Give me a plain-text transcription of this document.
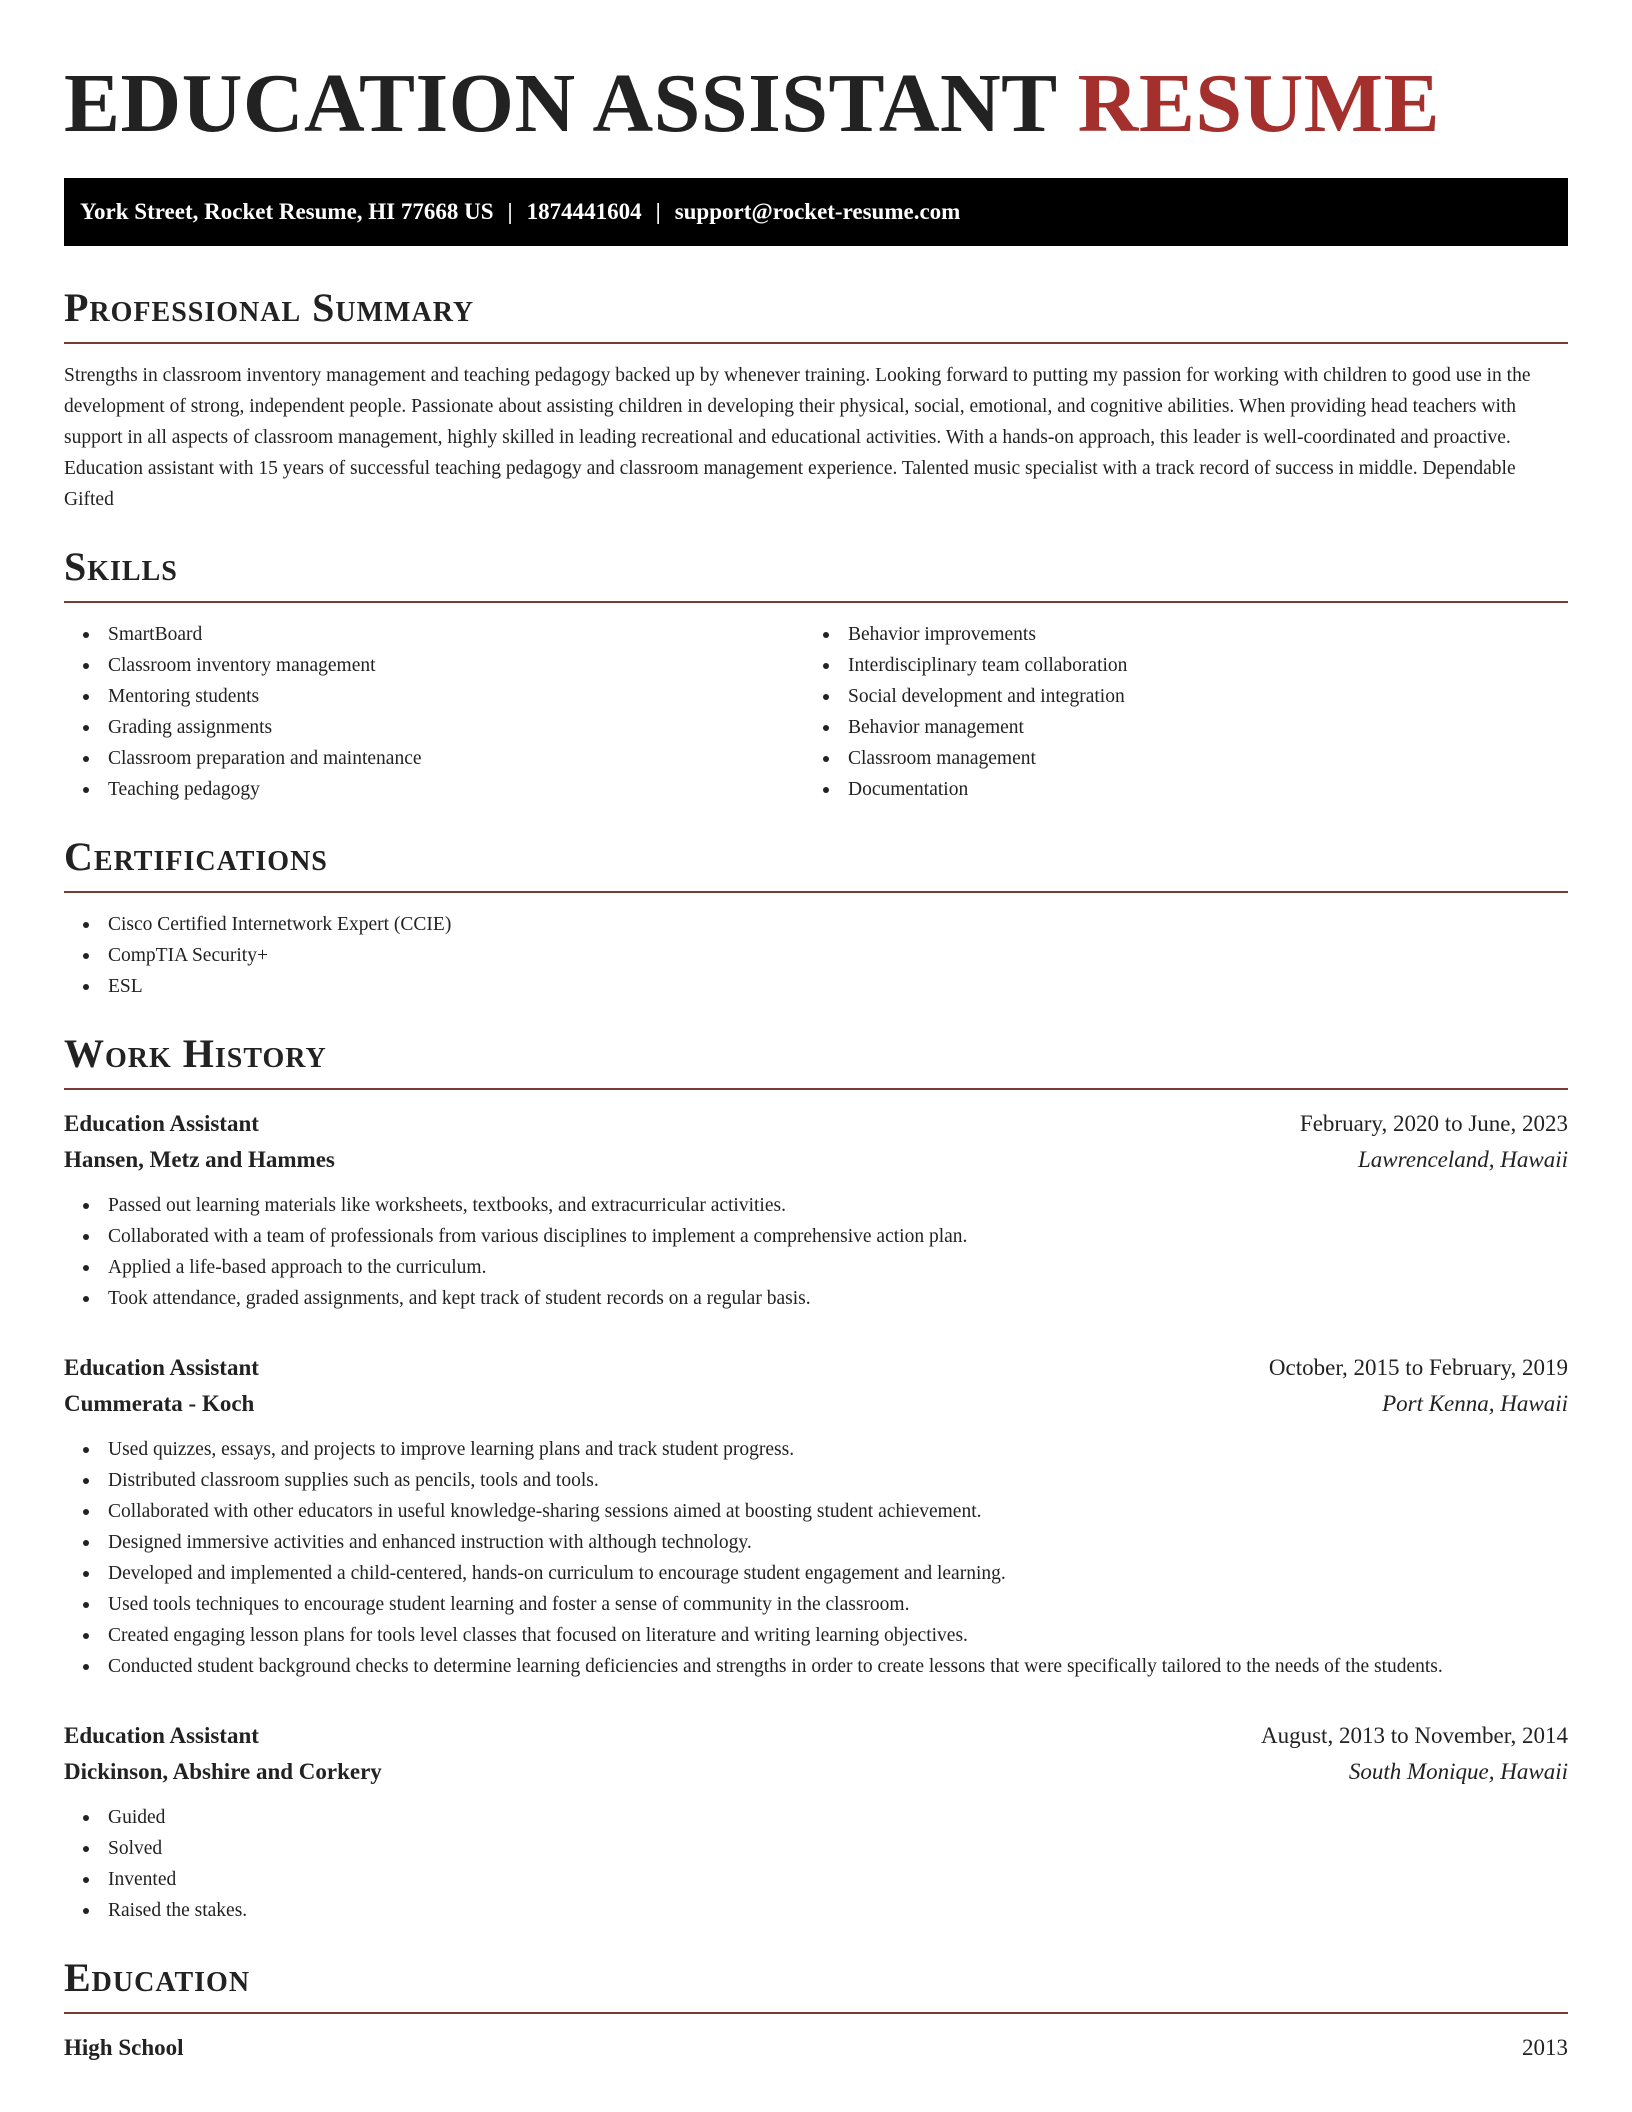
EDUCATION ASSISTANT RESUME
York Street, Rocket Resume, HI 77668 US | 1874441604 | support@rocket-resume.com
Professional Summary

Strengths in classroom inventory management and teaching pedagogy backed up by whenever training. Looking forward to putting my passion for working with children to good use in the development of strong, independent people. Passionate about assisting children in developing their physical, social, emotional, and cognitive abilities. When providing head teachers with support in all aspects of classroom management, highly skilled in leading recreational and educational activities. With a hands-on approach, this leader is well-coordinated and proactive. Education assistant with 15 years of successful teaching pedagogy and classroom management experience. Talented music specialist with a track record of success in middle. Dependable Gifted

Skills
SmartBoard
Classroom inventory management
Mentoring students
Grading assignments
Classroom preparation and maintenance
Teaching pedagogy
Behavior improvements
Interdisciplinary team collaboration
Social development and integration
Behavior management
Classroom management
Documentation
Certifications
Cisco Certified Internetwork Expert (CCIE)
CompTIA Security+
ESL
Work History
Education Assistant	February, 2020 to June, 2023
Hansen, Metz and Hammes	Lawrenceland, Hawaii
Passed out learning materials like worksheets, textbooks, and extracurricular activities.
Collaborated with a team of professionals from various disciplines to implement a comprehensive action plan.
Applied a life-based approach to the curriculum.
Took attendance, graded assignments, and kept track of student records on a regular basis.
Education Assistant	October, 2015 to February, 2019
Cummerata - Koch	Port Kenna, Hawaii
Used quizzes, essays, and projects to improve learning plans and track student progress.
Distributed classroom supplies such as pencils, tools and tools.
Collaborated with other educators in useful knowledge-sharing sessions aimed at boosting student achievement.
Designed immersive activities and enhanced instruction with although technology.
Developed and implemented a child-centered, hands-on curriculum to encourage student engagement and learning.
Used tools techniques to encourage student learning and foster a sense of community in the classroom.
Created engaging lesson plans for tools level classes that focused on literature and writing learning objectives.
Conducted student background checks to determine learning deficiencies and strengths in order to create lessons that were specifically tailored to the needs of the students.
Education Assistant	August, 2013 to November, 2014
Dickinson, Abshire and Corkery	South Monique, Hawaii
Guided
Solved
Invented
Raised the stakes.
Education
High School	2013
